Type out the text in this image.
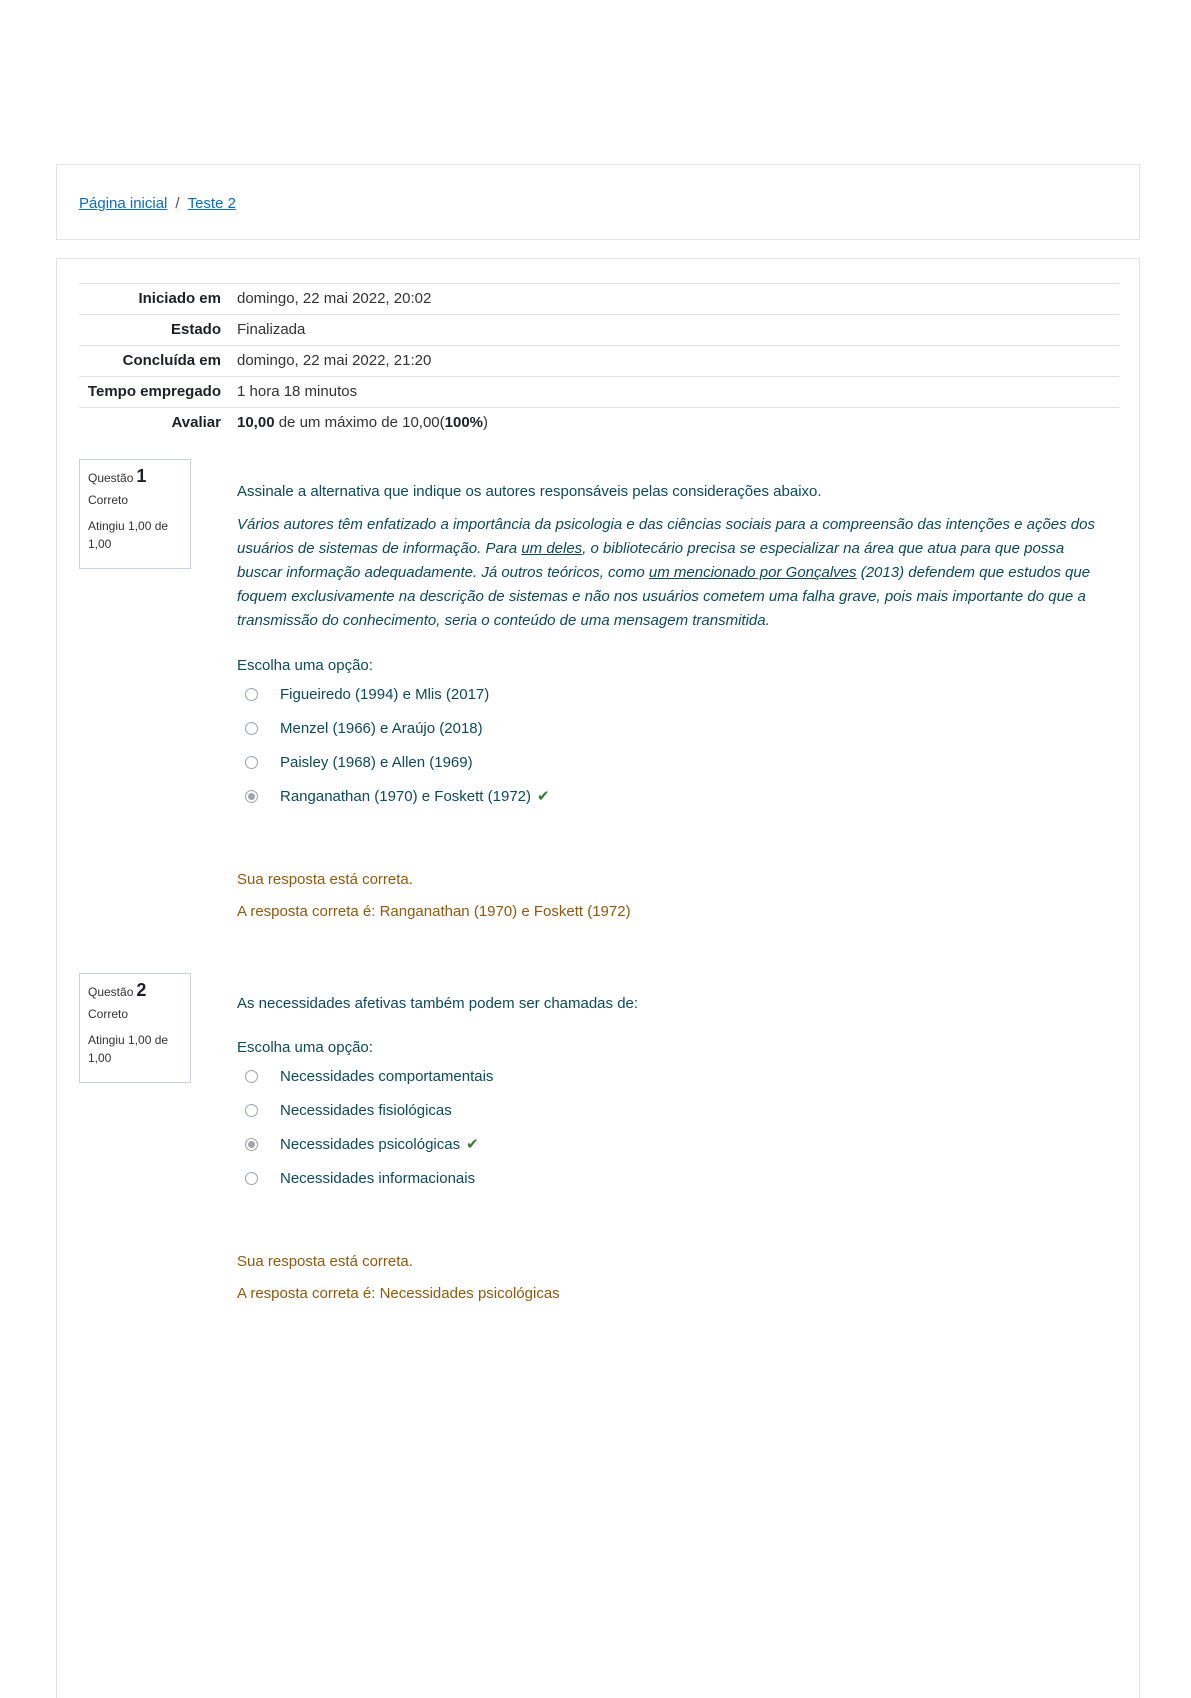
Página inicial / Teste 2
Iniciado em	domingo, 22 mai 2022, 20:02
Estado	Finalizada
Concluída em	domingo, 22 mai 2022, 21:20
Tempo empregado	1 hora 18 minutos
Avaliar	10,00 de um máximo de 10,00(100%)
Questão 1
Correto
Atingiu 1,00 de 1,00

Assinale a alternativa que indique os autores responsáveis pelas considerações abaixo.

Vários autores têm enfatizado a importância da psicologia e das ciências sociais para a compreensão das intenções e ações dos usuários de sistemas de informação. Para um deles, o bibliotecário precisa se especializar na área que atua para que possa buscar informação adequadamente. Já outros teóricos, como um mencionado por Gonçalves (2013) defendem que estudos que foquem exclusivamente na descrição de sistemas e não nos usuários cometem uma falha grave, pois mais importante do que a transmissão do conhecimento, seria o conteúdo de uma mensagem transmitida.

Escolha uma opção:
Figueiredo (1994) e Mlis (2017)
Menzel (1966) e Araújo (2018)
Paisley (1968) e Allen (1969)
Ranganathan (1970) e Foskett (1972) ✔

Sua resposta está correta.

A resposta correta é: Ranganathan (1970) e Foskett (1972)

Questão 2
Correto
Atingiu 1,00 de 1,00

As necessidades afetivas também podem ser chamadas de:

Escolha uma opção:
Necessidades comportamentais
Necessidades fisiológicas
Necessidades psicológicas ✔
Necessidades informacionais

Sua resposta está correta.

A resposta correta é: Necessidades psicológicas
